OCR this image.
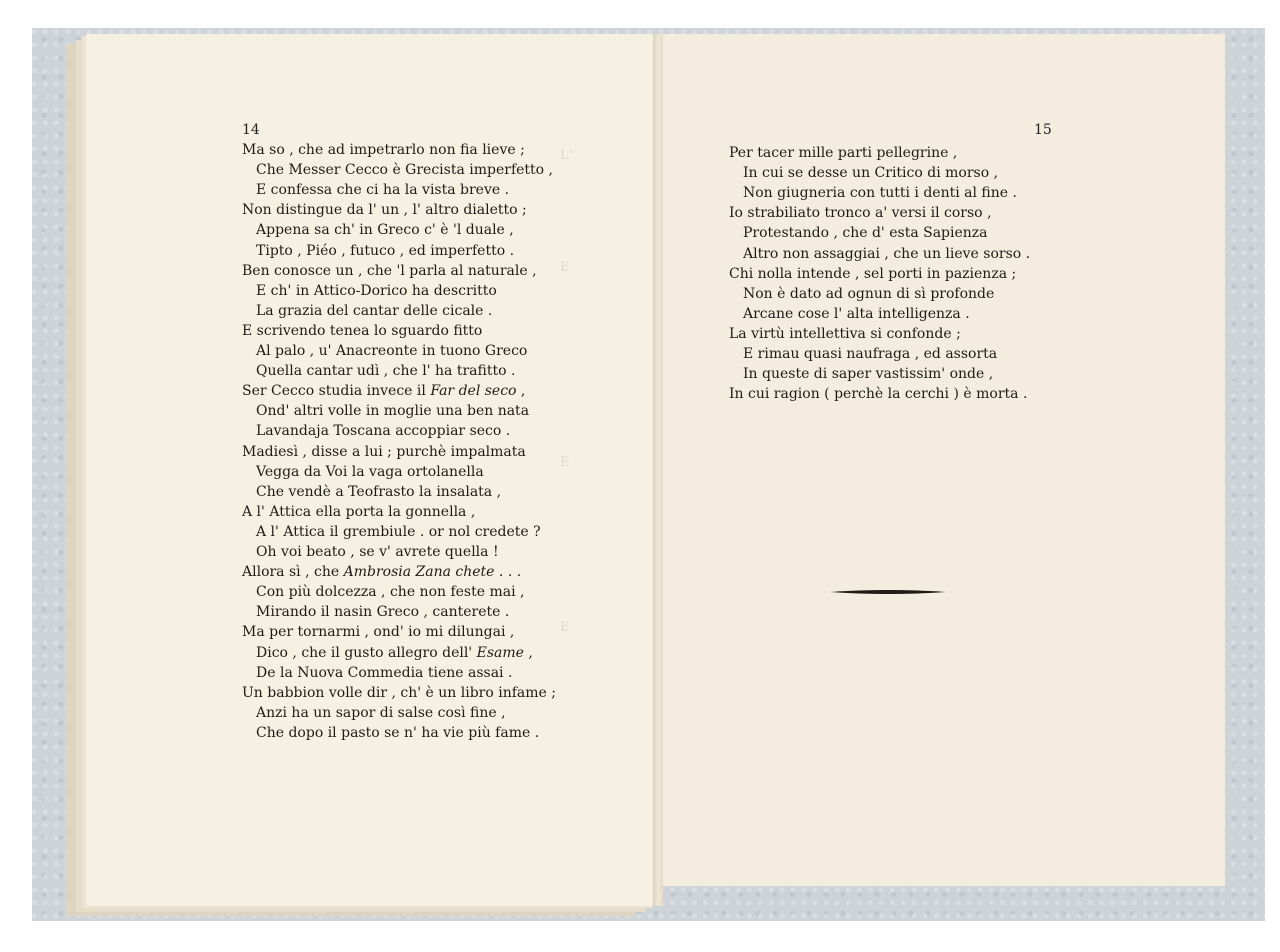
L'
E
E
E
14	15
Ma so , che ad impetrarlo non fia lieve ;
Che Messer Cecco è Grecista imperfetto ,
E confessa che ci ha la vista breve .
Non distingue da l' un , l' altro dialetto ;
Appena sa ch' in Greco c' è 'l duale ,
Tipto , Piéo , futuco , ed imperfetto .
Ben conosce un , che 'l parla al naturale ,
E ch' in Attico-Dorico ha descritto
La grazia del cantar delle cicale .
E scrivendo tenea lo sguardo fitto
Al palo , u' Anacreonte in tuono Greco
Quella cantar udì , che l' ha trafitto .
Ser Cecco studia invece il Far del seco ,
Ond' altri volle in moglie una ben nata
Lavandaja Toscana accoppiar seco .
Madiesì , disse a lui ; purchè impalmata
Vegga da Voi la vaga ortolanella
Che vendè a Teofrasto la insalata ,
A l' Attica ella porta la gonnella ,
A l' Attica il grembiule . or nol credete ?
Oh voi beato , se v' avrete quella !
Allora sì , che Ambrosia Zana chete . . .
Con più dolcezza , che non feste mai ,
Mirando il nasin Greco , canterete .
Ma per tornarmi , ond' io mi dilungai ,
Dico , che il gusto allegro dell' Esame ,
De la Nuova Commedia tiene assai .
Un babbion volle dir , ch' è un libro infame ;
Anzi ha un sapor di salse così fine ,
Che dopo il pasto se n' ha vie più fame .
Per tacer mille parti pellegrine ,
In cui se desse un Critico di morso ,
Non giugneria con tutti i denti al fine .
Io strabiliato tronco a' versi il corso ,
Protestando , che d' esta Sapienza
Altro non assaggiai , che un lieve sorso .
Chi nolla intende , sel porti in pazienza ;
Non è dato ad ognun di sì profonde
Arcane cose l' alta intelligenza .
La virtù intellettiva si confonde ;
E rimau quasi naufraga , ed assorta
In queste di saper vastissim' onde ,
In cui ragion ( perchè la cerchi ) è morta .
